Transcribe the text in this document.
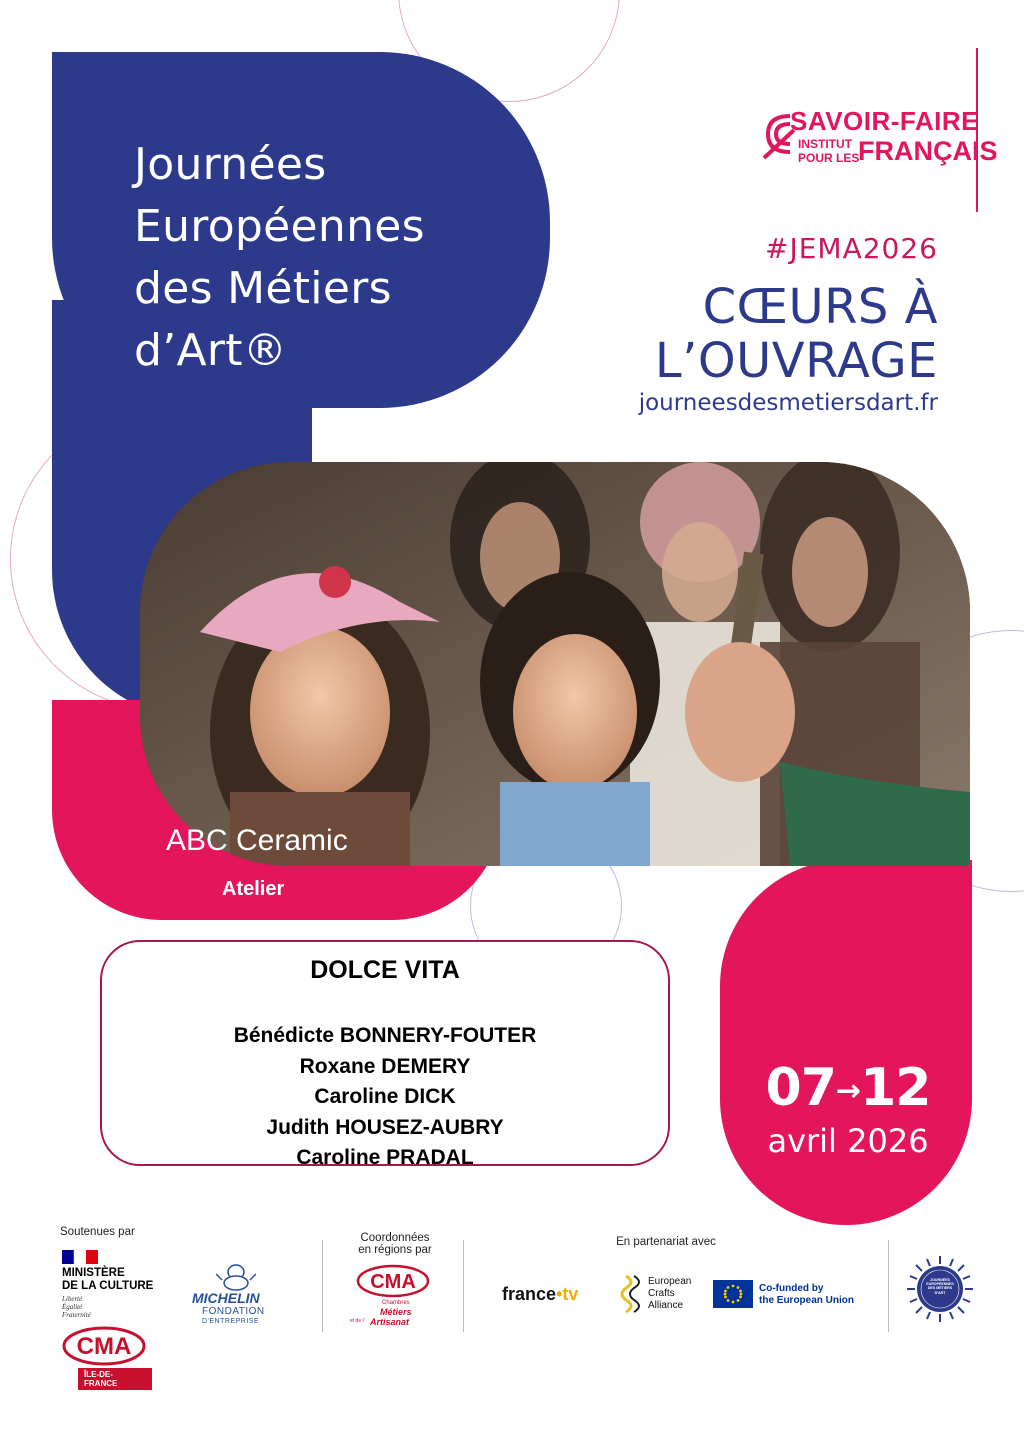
Journées
Européennes
des Métiers
d’Art®
SAVOIR-FAIRE
INSTITUT
POUR LES
FRANÇAIS
#JEMA2026
CŒURS À
L’OUVRAGE
journeesdesmetiersdart.fr
ABC Ceramic
Atelier
DOLCE VITA
Bénédicte BONNERY-FOUTER
Roxane DEMERY
Caroline DICK
Judith HOUSEZ-AUBRY
Caroline PRADAL
07→12
avril 2026
Soutenues par
MINISTÈRE
DE LA CULTURE
Liberté
Égalité
Fraternité
MICHELIN
FONDATION
D'ENTREPRISE
CMA
ÎLE-DE-FRANCE
Coordonnées
en régions par
CMA
Chambres
Métiers
et de l' Artisanat
En partenariat avec
france•tv
European
Crafts
Alliance
Co-funded by
the European Union
JOURNÉES EUROPÉENNES DES MÉTIERS D'ART
